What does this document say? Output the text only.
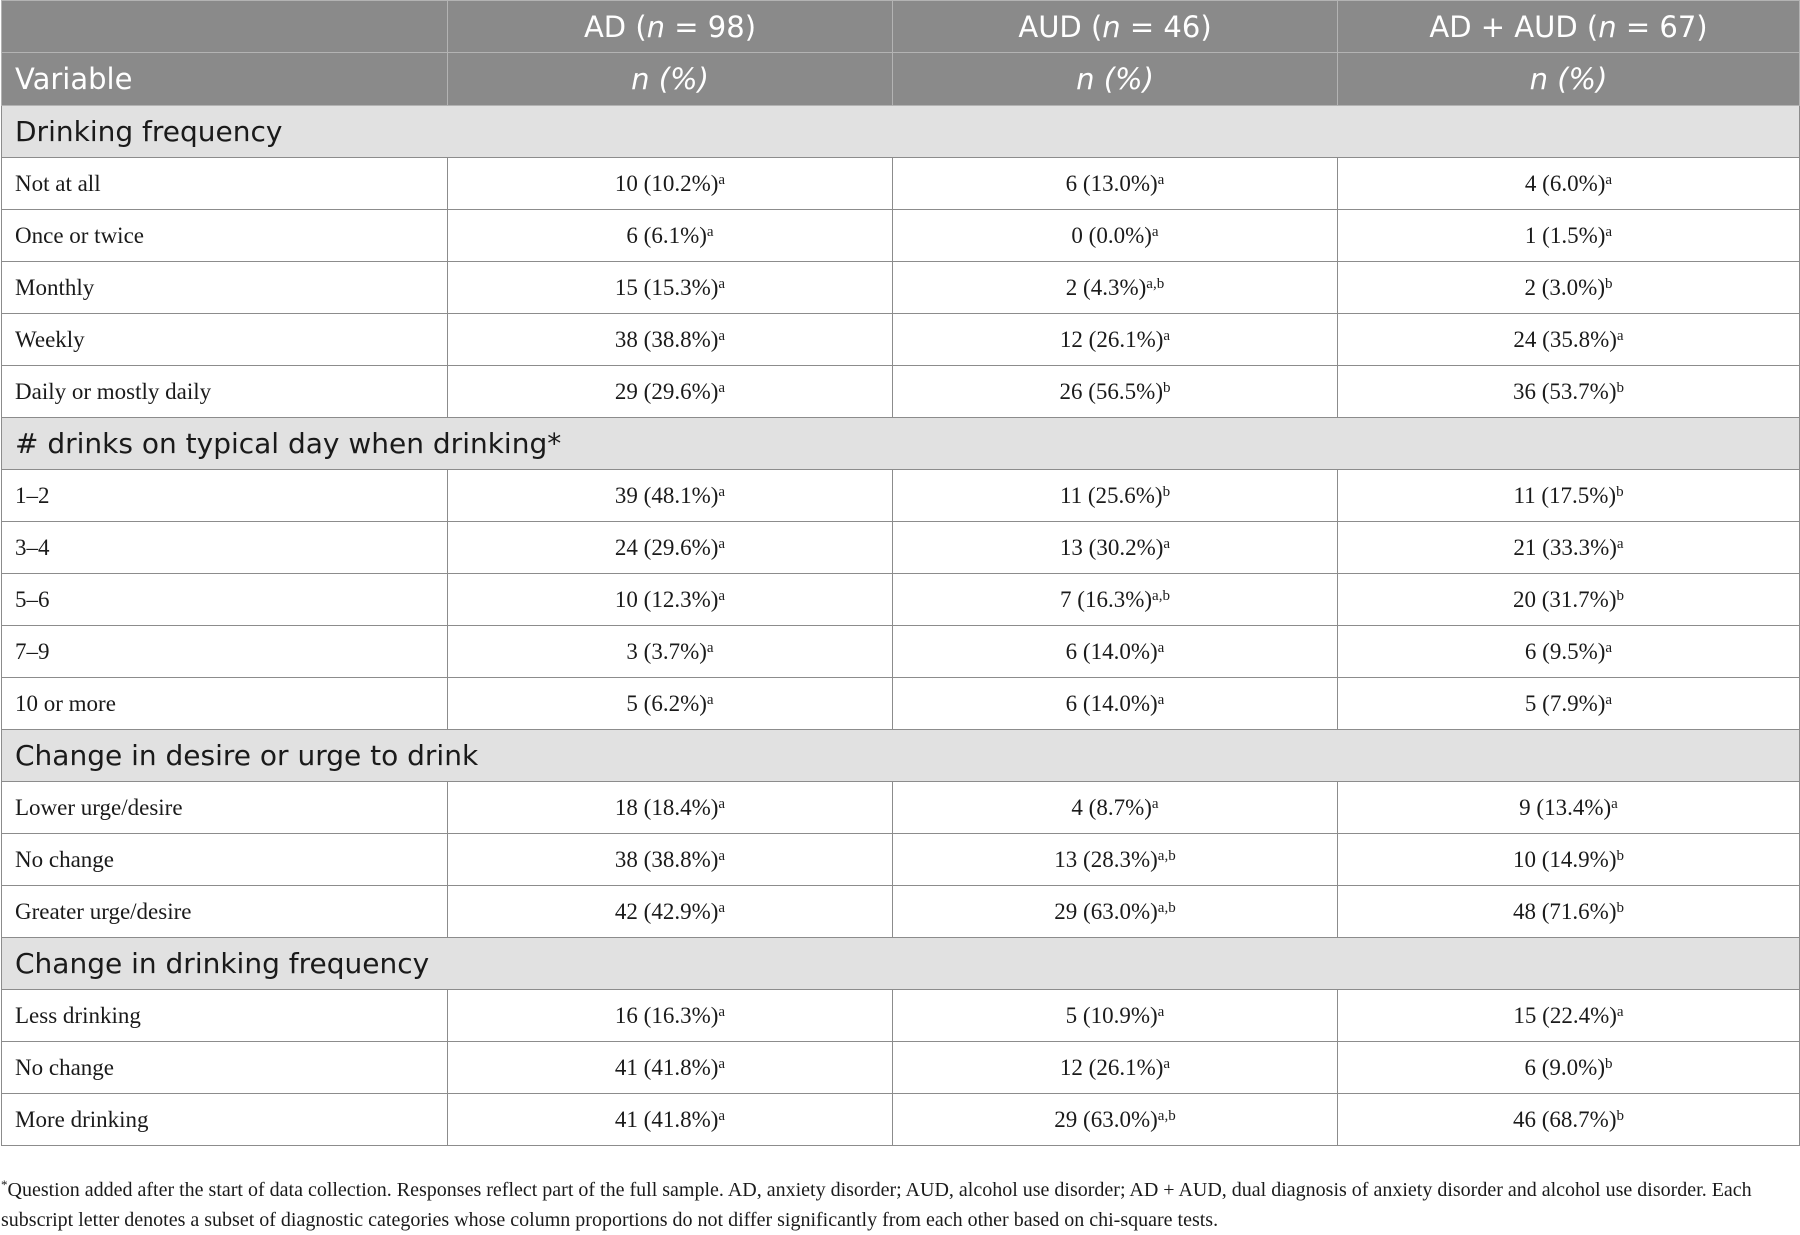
	AD (n = 98)	AUD (n = 46)	AD + AUD (n = 67)
Variable	n (%)	n (%)	n (%)
Drinking frequency			
Not at all	10 $(10.2\%)^a$	6 $(13.0\%)^a$	4 $(6.0\%)^a$
Once or twice	6 $(6.1\%)^a$	0 $(0.0\%)^a$	1 $(1.5\%)^a$
Monthly	15 $(15.3\%)^a$	2 $(4.3\%)^{a,b}$	2 $(3.0\%)^b$
Weekly	38 $(38.8\%)^a$	12 $(26.1\%)^a$	24 $(35.8\%)^a$
Daily or mostly daily	29 $(29.6\%)^a$	26 $(56.5\%)^b$	36 $(53.7\%)^b$
# drinks on typical day when drinking*			
1–2	39 $(48.1\%)^a$	11 $(25.6\%)^b$	11 $(17.5\%)^b$
3–4	24 $(29.6\%)^a$	13 $(30.2\%)^a$	21 $(33.3\%)^a$
5–6	10 $(12.3\%)^a$	7 $(16.3\%)^{a,b}$	20 $(31.7\%)^b$
7–9	3 $(3.7\%)^a$	6 $(14.0\%)^a$	6 $(9.5\%)^a$
10 or more	5 $(6.2\%)^a$	6 $(14.0\%)^a$	5 $(7.9\%)^a$
Change in desire or urge to drink			
Lower urge/desire	18 $(18.4\%)^a$	4 $(8.7\%)^a$	9 $(13.4\%)^a$
No change	38 $(38.8\%)^a$	13 $(28.3\%)^{a,b}$	10 $(14.9\%)^b$
Greater urge/desire	42 $(42.9\%)^a$	29 $(63.0\%)^{a,b}$	48 $(71.6\%)^b$
Change in drinking frequency			
Less drinking	16 $(16.3\%)^a$	5 $(10.9\%)^a$	15 $(22.4\%)^a$
No change	41 $(41.8\%)^a$	12 $(26.1\%)^a$	6 $(9.0\%)^b$
More drinking	41 $(41.8\%)^a$	29 $(63.0\%)^{a,b}$	46 $(68.7\%)^b$
*Question added after the start of data collection. Responses reflect part of the full sample. AD, anxiety disorder; AUD, alcohol use disorder; AD + AUD, dual diagnosis of anxiety disorder and alcohol use disorder. Each subscript letter denotes a subset of diagnostic categories whose column proportions do not differ significantly from each other based on chi-square tests.
